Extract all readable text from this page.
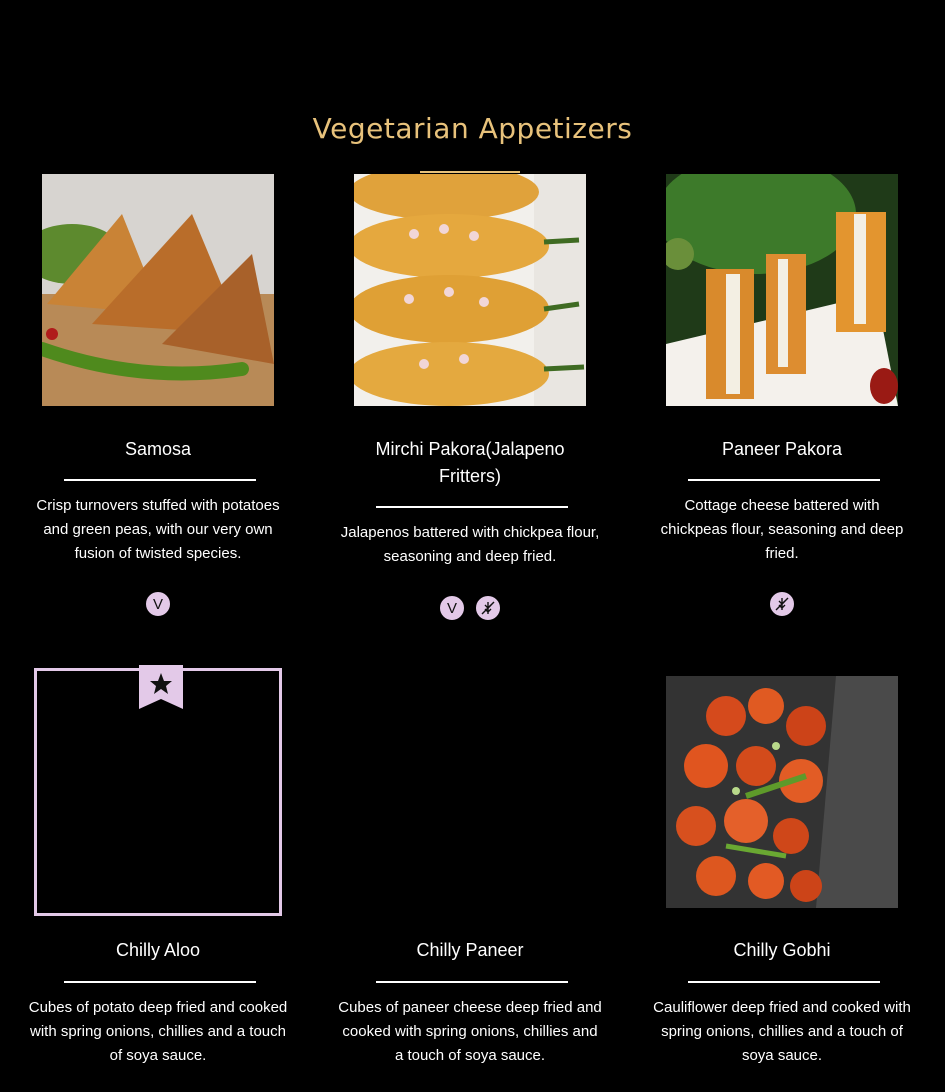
Vegetarian Appetizers
Samosa
Crisp turnovers stuffed with potatoes and green peas, with our very own fusion of twisted species.
V
Mirchi Pakora(Jalapeno Fritters)
Jalapenos battered with chickpea flour, seasoning and deep fried.
V
Paneer Pakora
Cottage cheese battered with chickpeas flour, seasoning and deep fried.
Chilly Aloo
Cubes of potato deep fried and cooked with spring onions, chillies and a touch of soya sauce.
Chilly Paneer
Cubes of paneer cheese deep fried and cooked with spring onions, chillies and a touch of soya sauce.
Chilly Gobhi
Cauliflower deep fried and cooked with spring onions, chillies and a touch of soya sauce.
